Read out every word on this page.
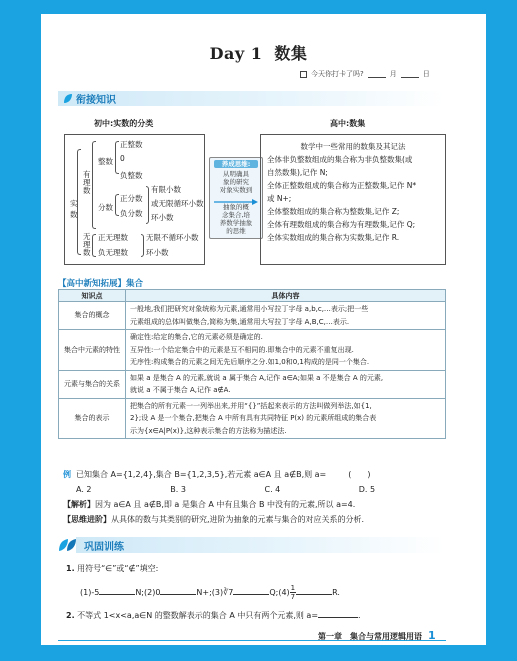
Day 1 数集
今天你打卡了吗?	月	日
衔接知识
初中:实数的分类	高中:数集
实
数
有理数
整数
正整数
0
负整数
分数
正分数
负分数
有限小数
或无限循环小数
环小数
无理数
正无理数
负无理数
无限不循环小数
环小数
养成思维:
从明确具
象的研究
对象实数到
抽象的概
念集合,培
养数学抽象
的思维

数学中一些常用的数集及其记法

全体非负整数组成的集合称为非负整数集(或

自然数集),记作 N;

全体正整数组成的集合称为正整数集,记作 N*

或 N+;

全体整数组成的集合称为整数集,记作 Z;

全体有理数组成的集合称为有理数集,记作 Q;

全体实数组成的集合称为实数集,记作 R.

【高中新知拓展】集合
知识点	具体内容
集合的概念	一般地,我们把研究对象统称为元素,通常用小写拉丁字母 a,b,c,…表示;把一些
元素组成的总体叫做集合,简称为集,通常用大写拉丁字母 A,B,C,…表示.

集合中元素的特性	确定性:给定的集合,它的元素必须是确定的.
互异性:一个给定集合中的元素是互不相同的.即集合中的元素不重复出现.
无序性:构成集合的元素之间无先后顺序之分.如1,0和0,1构成的是同一个集合.

元素与集合的关系	如果 a 是集合 A 的元素,就说 a 属于集合 A,记作 a∈A;如果 a 不是集合 A 的元素,
就说 a 不属于集合 A,记作 a∉A.

集合的表示	把集合的所有元素一一列举出来,并用“{}”括起来表示的方法叫做列举法,如{1,
2};设 A 是一个集合,把集合 A 中所有具有共同特征 P(x) 的元素所组成的集合表
示为{x∈A|P(x)},这种表示集合的方法称为描述法.
例 已知集合 A={1,2,4},集合 B={1,2,3,5},若元素 a∈A 且 a∉B,则 a=	(　　)
A. 2	B. 3	C. 4	D. 5
【解析】因为 a∈A 且 a∉B,即 a 是集合 A 中有且集合 B 中没有的元素,所以 a=4.
【思维进阶】从具体的数与其类别的研究,进阶为抽象的元素与集合的对应关系的分析.
巩固训练
1. 用符号“∈”或“∉”填空:
(1)-5	N;(2)0	N+;(3)∛7	Q;(4) $\frac{1}{7}$	R.
2. 不等式 1<x<a,a∈N 的整数解表示的集合 A 中只有两个元素,则 a=	.
第一章　集合与常用逻辑用语 1
